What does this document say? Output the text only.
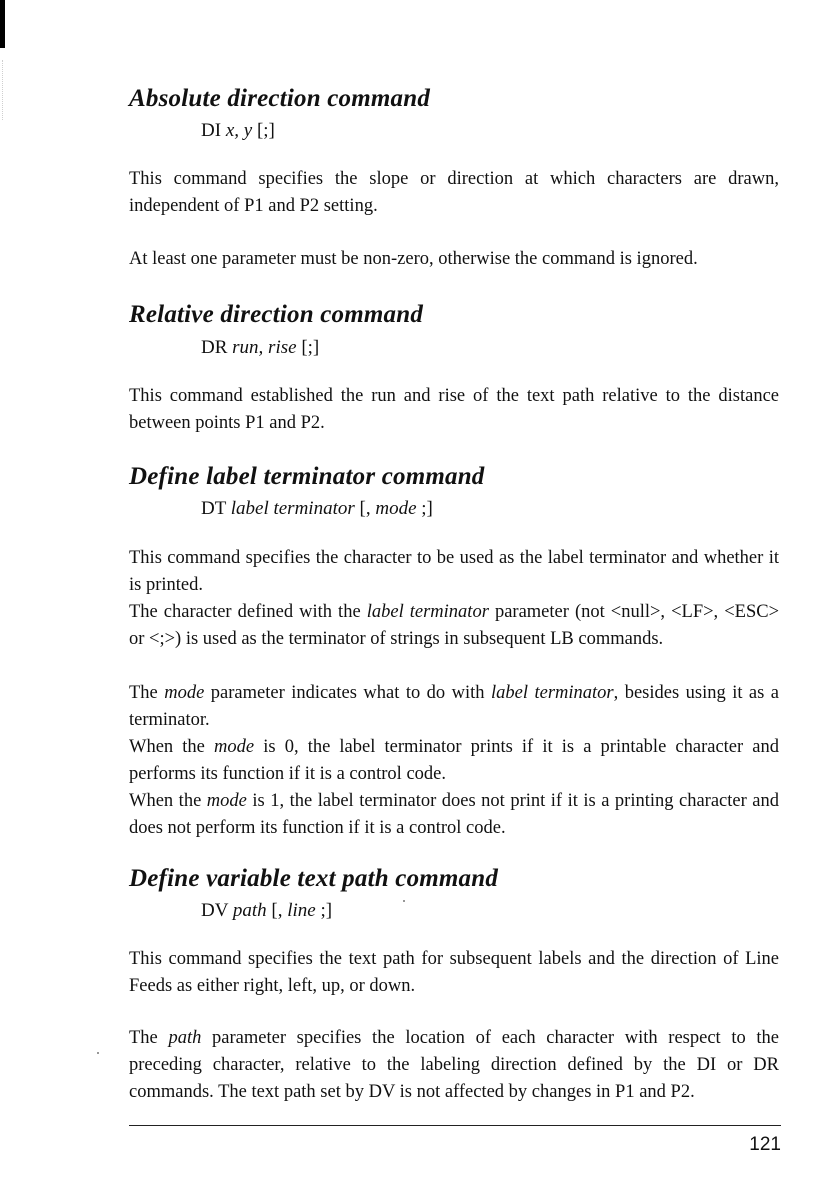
Absolute direction command

DI x, y [;]

This command specifies the slope or direction at which characters are drawn, independent of P1 and P2 setting.

At least one parameter must be non-zero, otherwise the command is ignored.

Relative direction command

DR run, rise [;]

This command established the run and rise of the text path relative to the distance between points P1 and P2.

Define label terminator command

DT label terminator [, mode ;]

This command specifies the character to be used as the label terminator and whether it is printed.

The character defined with the label terminator parameter (not <null>, <LF>, <ESC> or <;>) is used as the terminator of strings in subsequent LB commands.

The mode parameter indicates what to do with label terminator, besides using it as a terminator.

When the mode is 0, the label terminator prints if it is a printable character and performs its function if it is a control code.

When the mode is 1, the label terminator does not print if it is a printing character and does not perform its function if it is a control code.

Define variable text path command

DV path [, line ;]

This command specifies the text path for subsequent labels and the direction of Line Feeds as either right, left, up, or down.

The path parameter specifies the location of each character with respect to the preceding character, relative to the labeling direction defined by the DI or DR commands. The text path set by DV is not affected by changes in P1 and P2.

121
